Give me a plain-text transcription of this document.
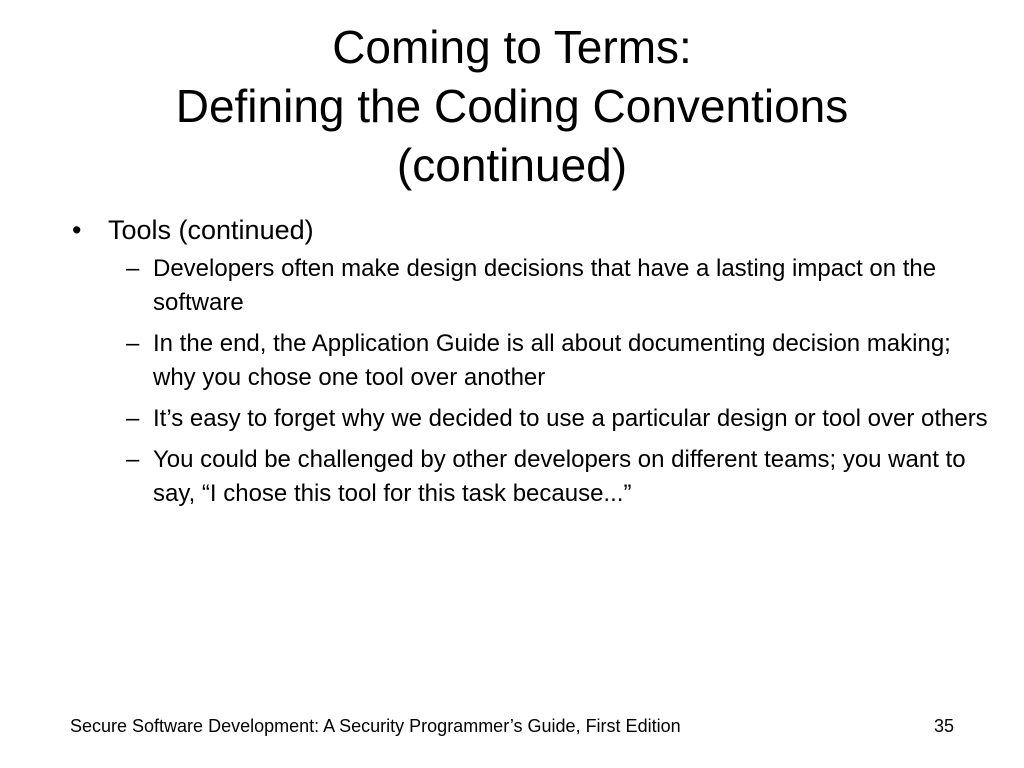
Coming to Terms:
Defining the Coding Conventions
(continued)
• Tools (continued)
– Developers often make design decisions that have a lasting impact on the software
– In the end, the Application Guide is all about documenting decision making; why you chose one tool over another
– It’s easy to forget why we decided to use a particular design or tool over others
– You could be challenged by other developers on different teams; you want to say, “I chose this tool for this task because...”
Secure Software Development: A Security Programmer’s Guide, First Edition	35
